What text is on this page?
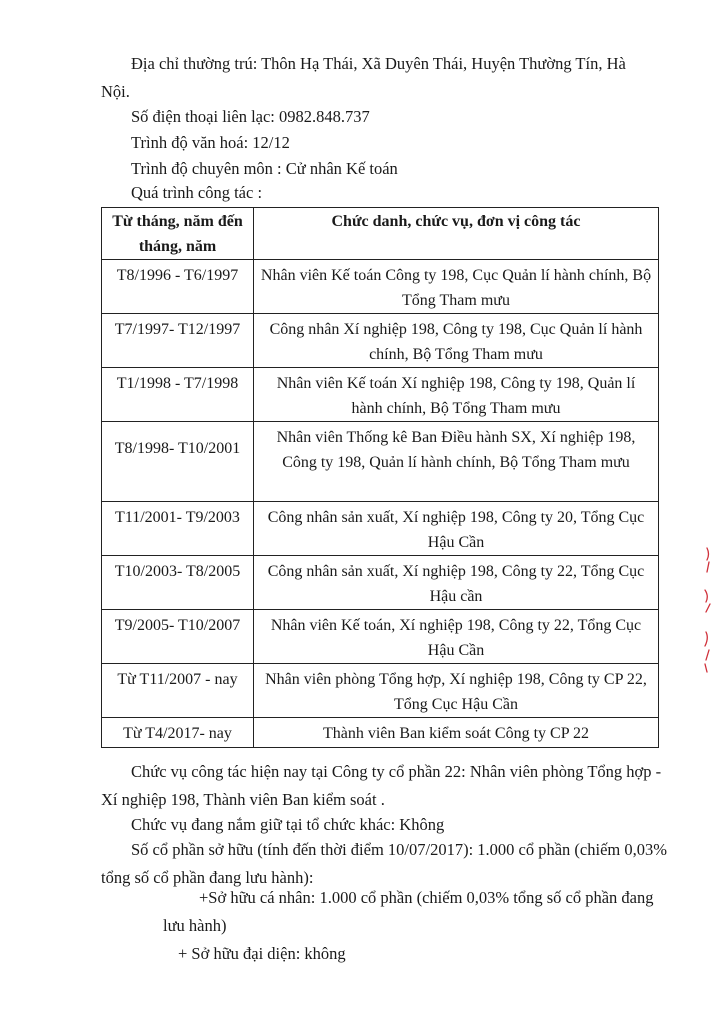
Địa chỉ thường trú: Thôn Hạ Thái, Xã Duyên Thái, Huyện Thường Tín, Hà
Nội.
Số điện thoại liên lạc: 0982.848.737
Trình độ văn hoá: 12/12
Trình độ chuyên môn : Cử nhân Kế toán
Quá trình công tác :
Từ tháng, năm đến tháng, năm	Chức danh, chức vụ, đơn vị công tác
T8/1996 - T6/1997	Nhân viên Kế toán Công ty 198, Cục Quản lí hành chính, Bộ Tổng Tham mưu
T7/1997- T12/1997	Công nhân Xí nghiệp 198, Công ty 198, Cục Quản lí hành chính, Bộ Tổng Tham mưu
T1/1998 - T7/1998	Nhân viên Kế toán Xí nghiệp 198, Công ty 198, Quản lí hành chính, Bộ Tổng Tham mưu
T8/1998- T10/2001	Nhân viên Thống kê Ban Điều hành SX, Xí nghiệp 198, Công ty 198, Quản lí hành chính, Bộ Tổng Tham mưu
T11/2001- T9/2003	Công nhân sản xuất, Xí nghiệp 198, Công ty 20, Tổng Cục Hậu Cần
T10/2003- T8/2005	Công nhân sản xuất, Xí nghiệp 198, Công ty 22, Tổng Cục Hậu cần
T9/2005- T10/2007	Nhân viên Kế toán, Xí nghiệp 198, Công ty 22, Tổng Cục Hậu Cần
Từ T11/2007 - nay	Nhân viên phòng Tổng hợp, Xí nghiệp 198, Công ty CP 22, Tổng Cục Hậu Cần
Từ T4/2017- nay	Thành viên Ban kiểm soát Công ty CP 22
Chức vụ công tác hiện nay tại Công ty cổ phần 22: Nhân viên phòng Tổng hợp - Xí nghiệp 198, Thành viên Ban kiểm soát .
Chức vụ đang nắm giữ tại tổ chức khác: Không
Số cổ phần sở hữu (tính đến thời điểm 10/07/2017): 1.000 cổ phần (chiếm 0,03% tổng số cổ phần đang lưu hành):
+Sở hữu cá nhân: 1.000 cổ phần (chiếm 0,03% tổng số cổ phần đang lưu hành)
+ Sở hữu đại diện: không
